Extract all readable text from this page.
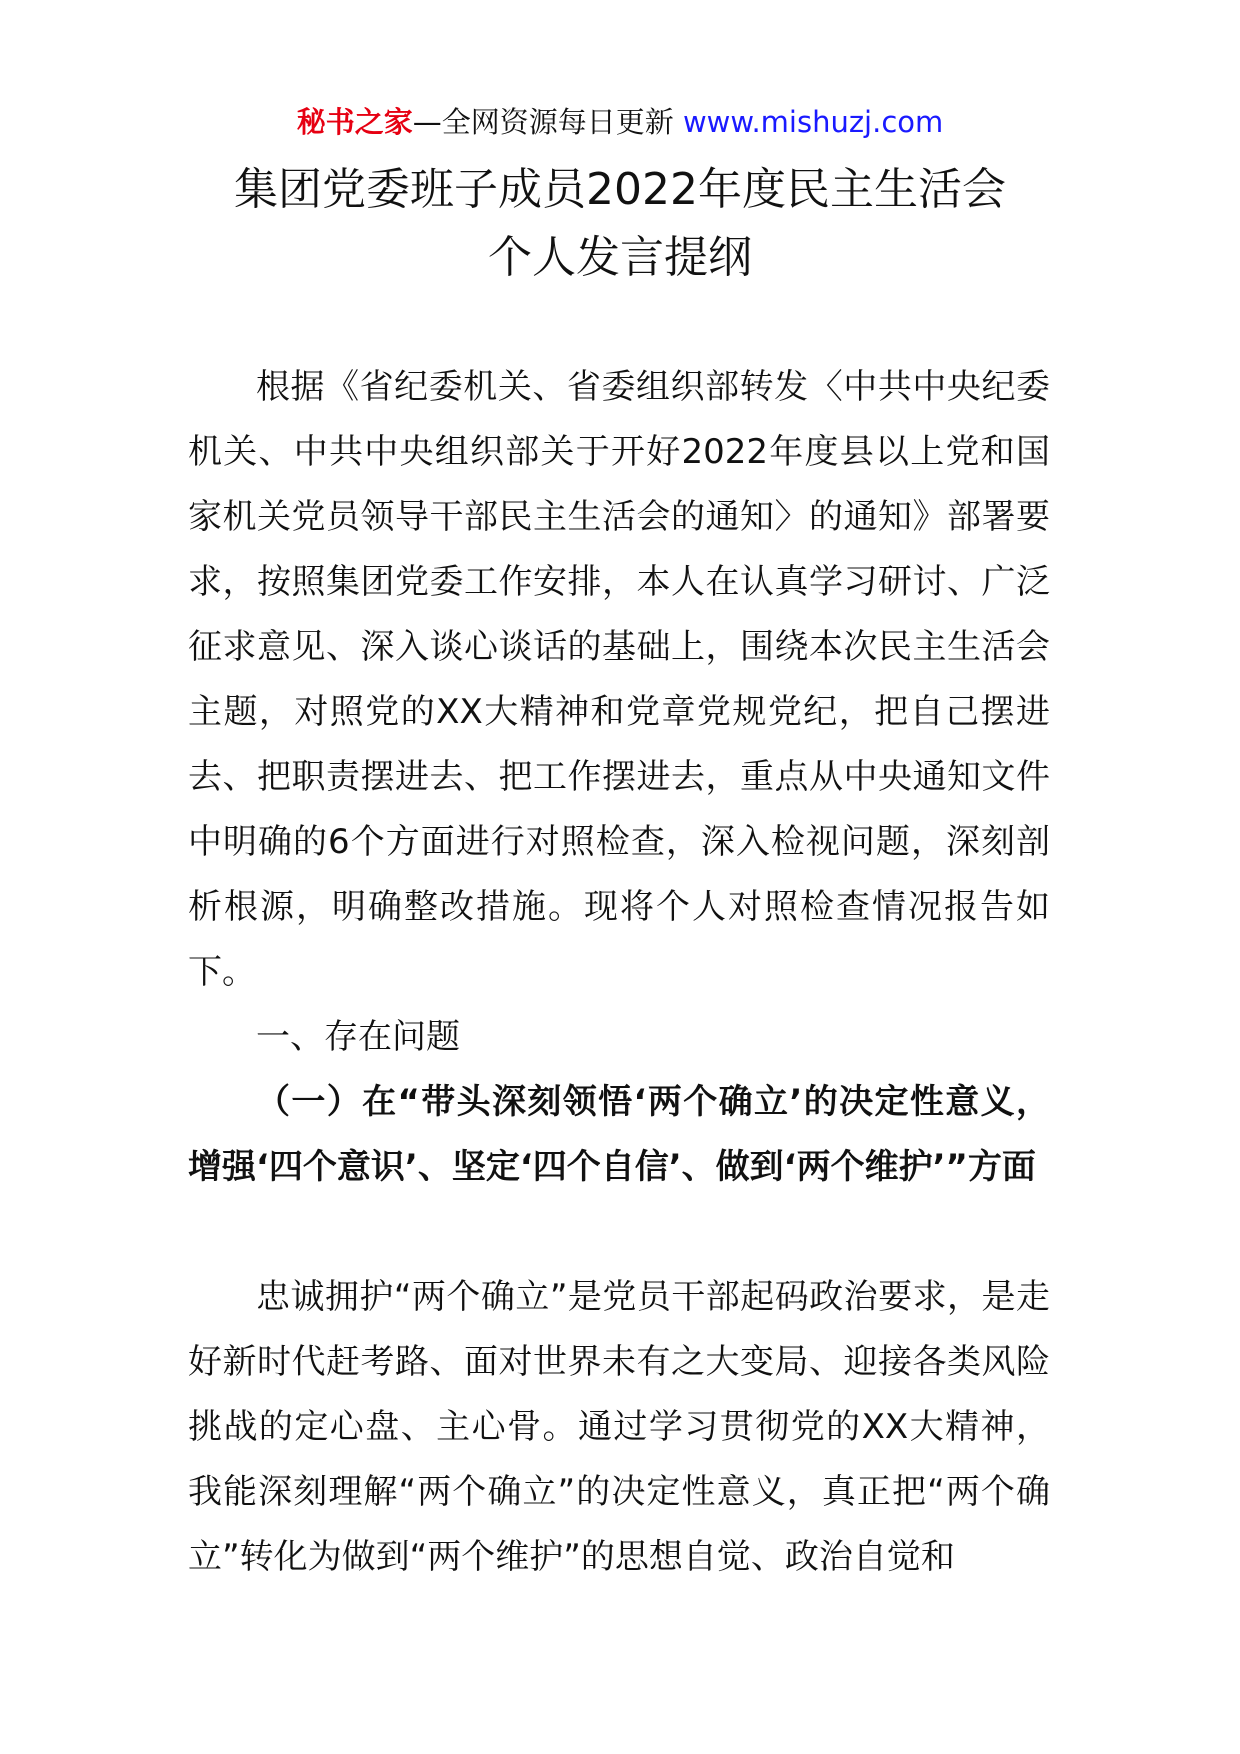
秘书之家—全网资源每日更新 www.mishuzj.com
集团党委班子成员2022年度民主生活会
个人发言提纲

根据《省纪委机关、省委组织部转发〈中共中央纪委机关、中共中央组织部关于开好2022年度县以上党和国家机关党员领导干部民主生活会的通知〉的通知》部署要求，按照集团党委工作安排，本人在认真学习研讨、广泛征求意见、深入谈心谈话的基础上，围绕本次民主生活会主题，对照党的XX大精神和党章党规党纪，把自己摆进去、把职责摆进去、把工作摆进去，重点从中央通知文件中明确的6个方面进行对照检查，深入检视问题，深刻剖析根源，明确整改措施。现将个人对照检查情况报告如下。

一、存在问题

（一）在“带头深刻领悟‘两个确立’的决定性意义，增强‘四个意识’、坚定‘四个自信’、做到‘两个维护’”方面

忠诚拥护“两个确立”是党员干部起码政治要求，是走好新时代赶考路、面对世界未有之大变局、迎接各类风险挑战的定心盘、主心骨。通过学习贯彻党的XX大精神，我能深刻理解“两个确立”的决定性意义，真正把“两个确立”转化为做到“两个维护”的思想自觉、政治自觉和
